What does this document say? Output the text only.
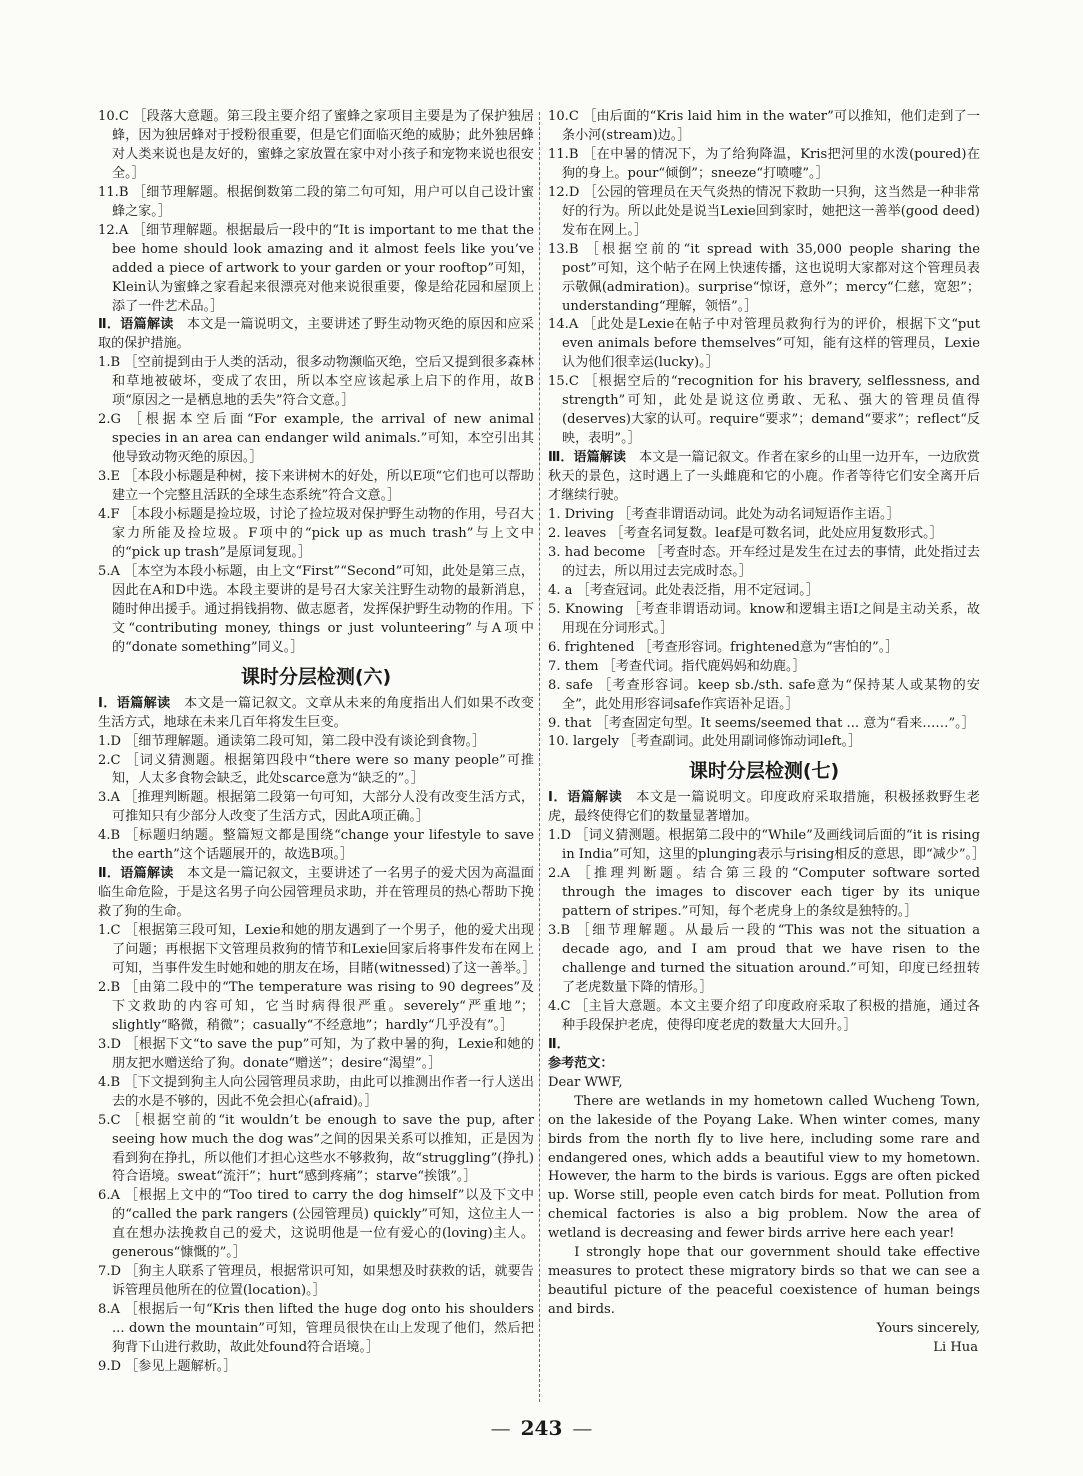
10.C ［段落大意题。第三段主要介绍了蜜蜂之家项目主要是为了保护独居蜂，因为独居蜂对于授粉很重要，但是它们面临灭绝的威胁；此外独居蜂对人类来说也是友好的，蜜蜂之家放置在家中对小孩子和宠物来说也很安全。］

11.B ［细节理解题。根据倒数第二段的第二句可知，用户可以自己设计蜜蜂之家。］

12.A ［细节理解题。根据最后一段中的“It is important to me that the bee home should look amazing and it almost feels like you’ve added a piece of artwork to your garden or your rooftop”可知，Klein认为蜜蜂之家看起来很漂亮对他来说很重要，像是给花园和屋顶上添了一件艺术品。］

Ⅱ．语篇解读　 本文是一篇说明文，主要讲述了野生动物灭绝的原因和应采取的保护措施。

1.B ［空前提到由于人类的活动，很多动物濒临灭绝，空后又提到很多森林和草地被破坏，变成了农田，所以本空应该起承上启下的作用，故B项“原因之一是栖息地的丢失”符合文意。］

2.G ［根据本空后面“For example, the arrival of new animal species in an area can endanger wild animals.”可知，本空引出其他导致动物灭绝的原因。］

3.E ［本段小标题是种树，接下来讲树木的好处，所以E项“它们也可以帮助建立一个完整且活跃的全球生态系统”符合文意。］

4.F ［本段小标题是捡垃圾，讨论了捡垃圾对保护野生动物的作用，号召大家力所能及捡垃圾。F项中的“pick up as much trash”与上文中的“pick up trash”是原词复现。］

5.A ［本空为本段小标题，由上文“First”“Second”可知，此处是第三点，因此在A和D中选。本段主要讲的是号召大家关注野生动物的最新消息，随时伸出援手。通过捐钱捐物、做志愿者，发挥保护野生动物的作用。下文“contributing money, things or just volunteering”与A项中的“donate something”同义。］

课时分层检测(六)

Ⅰ．语篇解读　 本文是一篇记叙文。文章从未来的角度指出人们如果不改变生活方式，地球在未来几百年将发生巨变。

1.D ［细节理解题。通读第二段可知，第二段中没有谈论到食物。］

2.C ［词义猜测题。根据第四段中“there were so many people”可推知，人太多食物会缺乏，此处scarce意为“缺乏的”。］

3.A ［推理判断题。根据第二段第一句可知，大部分人没有改变生活方式，可推知只有少部分人改变了生活方式，因此A项正确。］

4.B ［标题归纳题。整篇短文都是围绕“change your lifestyle to save the earth”这个话题展开的，故选B项。］

Ⅱ．语篇解读　 本文是一篇记叙文，主要讲述了一名男子的爱犬因为高温面临生命危险，于是这名男子向公园管理员求助，并在管理员的热心帮助下挽救了狗的生命。

1.C ［根据第三段可知，Lexie和她的朋友遇到了一个男子，他的爱犬出现了问题；再根据下文管理员救狗的情节和Lexie回家后将事件发布在网上可知，当事件发生时她和她的朋友在场，目睹(witnessed)了这一善举。］

2.B ［由第二段中的“The temperature was rising to 90 degrees”及下文救助的内容可知，它当时病得很严重。severely“严重地”；slightly“略微，稍微”；casually“不经意地”；hardly“几乎没有”。］

3.D ［根据下文“to save the pup”可知，为了救中暑的狗，Lexie和她的朋友把水赠送给了狗。donate“赠送”；desire“渴望”。］

4.B ［下文提到狗主人向公园管理员求助，由此可以推测出作者一行人送出去的水是不够的，因此不免会担心(afraid)。］

5.C ［根据空前的“it wouldn’t be enough to save the pup, after seeing how much the dog was”之间的因果关系可以推知，正是因为看到狗在挣扎，所以他们才担心这些水不够救狗，故“struggling”(挣扎)符合语境。sweat“流汗”；hurt“感到疼痛”；starve“挨饿”。］

6.A ［根据上文中的“Too tired to carry the dog himself”以及下文中的“called the park rangers (公园管理员) quickly”可知，这位主人一直在想办法挽救自己的爱犬，这说明他是一位有爱心的(loving)主人。generous“慷慨的”。］

7.D ［狗主人联系了管理员，根据常识可知，如果想及时获救的话，就要告诉管理员他所在的位置(location)。］

8.A ［根据后一句“Kris then lifted the huge dog onto his shoulders ... down the mountain”可知，管理员很快在山上发现了他们，然后把狗背下山进行救助，故此处found符合语境。］

9.D ［参见上题解析。］

10.C ［由后面的“Kris laid him in the water”可以推知，他们走到了一条小河(stream)边。］

11.B ［在中暑的情况下，为了给狗降温，Kris把河里的水泼(poured)在狗的身上。pour“倾倒”；sneeze“打喷嚏”。］

12.D ［公园的管理员在天气炎热的情况下救助一只狗，这当然是一种非常好的行为。所以此处是说当Lexie回到家时，她把这一善举(good deed)发布在网上。］

13.B ［根据空前的“it spread with 35,000 people sharing the post”可知，这个帖子在网上快速传播，这也说明大家都对这个管理员表示敬佩(admiration)。surprise“惊讶，意外”；mercy“仁慈，宽恕”；understanding“理解，领悟”。］

14.A ［此处是Lexie在帖子中对管理员救狗行为的评价，根据下文“put even animals before themselves”可知，能有这样的管理员，Lexie认为他们很幸运(lucky)。］

15.C ［根据空后的“recognition for his bravery, selflessness, and strength”可知，此处是说这位勇敢、无私、强大的管理员值得(deserves)大家的认可。require“要求”；demand“要求”；reflect“反映，表明”。］

Ⅲ．语篇解读　 本文是一篇记叙文。作者在家乡的山里一边开车，一边欣赏秋天的景色，这时遇上了一头雌鹿和它的小鹿。作者等待它们安全离开后才继续行驶。

1. Driving ［考查非谓语动词。此处为动名词短语作主语。］

2. leaves ［考查名词复数。leaf是可数名词，此处应用复数形式。］

3. had become ［考查时态。开车经过是发生在过去的事情，此处指过去的过去，所以用过去完成时态。］

4. a ［考查冠词。此处表泛指，用不定冠词。］

5. Knowing ［考查非谓语动词。know和逻辑主语I之间是主动关系，故用现在分词形式。］

6. frightened ［考查形容词。frightened意为“害怕的”。］

7. them ［考查代词。指代鹿妈妈和幼鹿。］

8. safe ［考查形容词。keep sb./sth. safe意为“保持某人或某物的安全”，此处用形容词safe作宾语补足语。］

9. that ［考查固定句型。It seems/seemed that ... 意为“看来……”。］

10. largely ［考查副词。此处用副词修饰动词left。］

课时分层检测(七)

Ⅰ．语篇解读　 本文是一篇说明文。印度政府采取措施，积极拯救野生老虎，最终使得它们的数量显著增加。

1.D ［词义猜测题。根据第二段中的“While”及画线词后面的“it is rising in India”可知，这里的plunging表示与rising相反的意思，即“减少”。］

2.A ［推理判断题。结合第三段的“Computer software sorted through the images to discover each tiger by its unique pattern of stripes.”可知，每个老虎身上的条纹是独特的。］

3.B ［细节理解题。从最后一段的“This was not the situation a decade ago, and I am proud that we have risen to the challenge and turned the situation around.”可知，印度已经扭转了老虎数量下降的情形。］

4.C ［主旨大意题。本文主要介绍了印度政府采取了积极的措施，通过各种手段保护老虎，使得印度老虎的数量大大回升。］

Ⅱ．

参考范文：

Dear WWF,

There are wetlands in my hometown called Wucheng Town, on the lakeside of the Poyang Lake. When winter comes, many birds from the north fly to live here, including some rare and endangered ones, which adds a beautiful view to my hometown. However, the harm to the birds is various. Eggs are often picked up. Worse still, people even catch birds for meat. Pollution from chemical factories is also a big problem. Now the area of wetland is decreasing and fewer birds arrive here each year!

I strongly hope that our government should take effective measures to protect these migratory birds so that we can see a beautiful picture of the peaceful coexistence of human beings and birds.

Yours sincerely,

Li Hua

— 243 —
